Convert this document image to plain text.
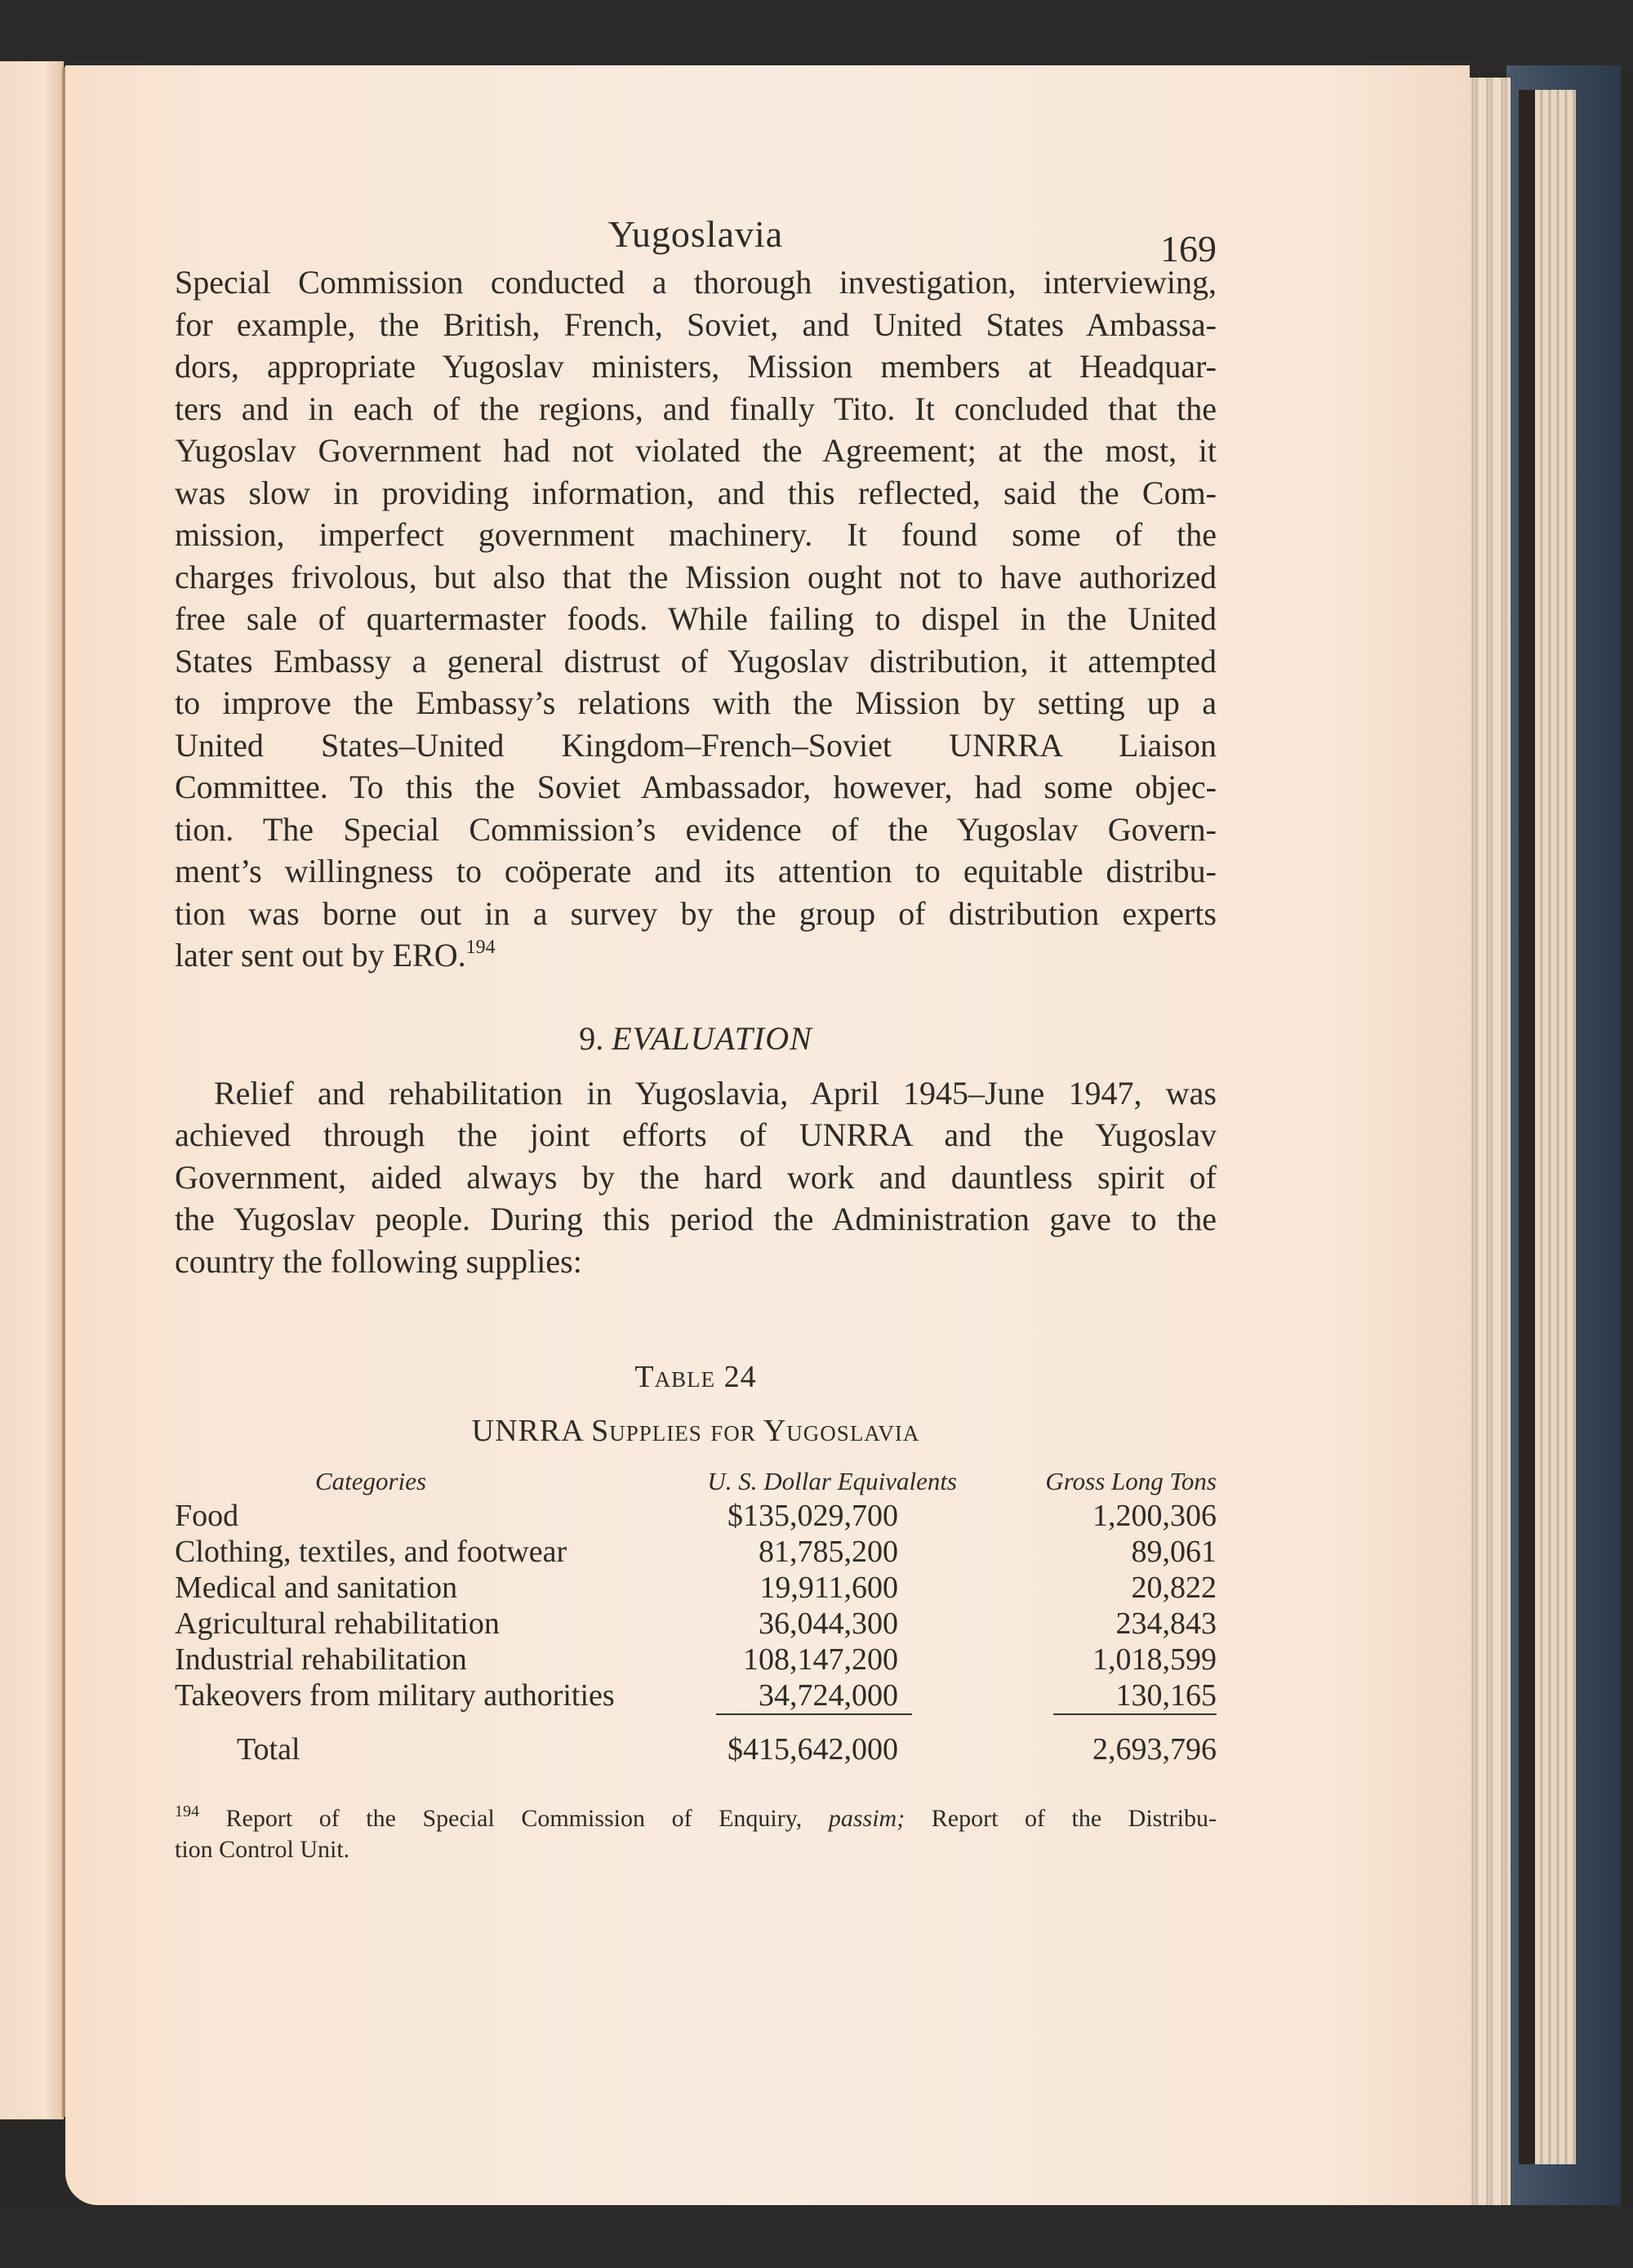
Yugoslavia	169

Special Commission conducted a thorough investigation, interviewing,
for example, the British, French, Soviet, and United States Ambassa-
dors, appropriate Yugoslav ministers, Mission members at Headquar-
ters and in each of the regions, and finally Tito. It concluded that the
Yugoslav Government had not violated the Agreement; at the most, it
was slow in providing information, and this reflected, said the Com-
mission, imperfect government machinery. It found some of the
charges frivolous, but also that the Mission ought not to have authorized
free sale of quartermaster foods. While failing to dispel in the United
States Embassy a general distrust of Yugoslav distribution, it attempted
to improve the Embassy’s relations with the Mission by setting up a
United States–United Kingdom–French–Soviet UNRRA Liaison
Committee. To this the Soviet Ambassador, however, had some objec-
tion. The Special Commission’s evidence of the Yugoslav Govern-
ment’s willingness to coöperate and its attention to equitable distribu-
tion was borne out in a survey by the group of distribution experts
later sent out by ERO.$^{194}$

9. EVALUATION

Relief and rehabilitation in Yugoslavia, April 1945–June 1947, was
achieved through the joint efforts of UNRRA and the Yugoslav
Government, aided always by the hard work and dauntless spirit of
the Yugoslav people. During this period the Administration gave to the
country the following supplies:

Table 24
UNRRA Supplies for Yugoslavia
Categories	U. S. Dollar Equivalents	Gross Long Tons
Food	$135,029,700	1,200,306
Clothing, textiles, and footwear	81,785,200	89,061
Medical and sanitation	19,911,600	20,822
Agricultural rehabilitation	36,044,300	234,843
Industrial rehabilitation	108,147,200	1,018,599
Takeovers from military authorities	34,724,000	130,165
Total	$415,642,000	2,693,796
$^{194}$ Report of the Special Commission of Enquiry, passim; Report of the Distribu-
tion Control Unit.
